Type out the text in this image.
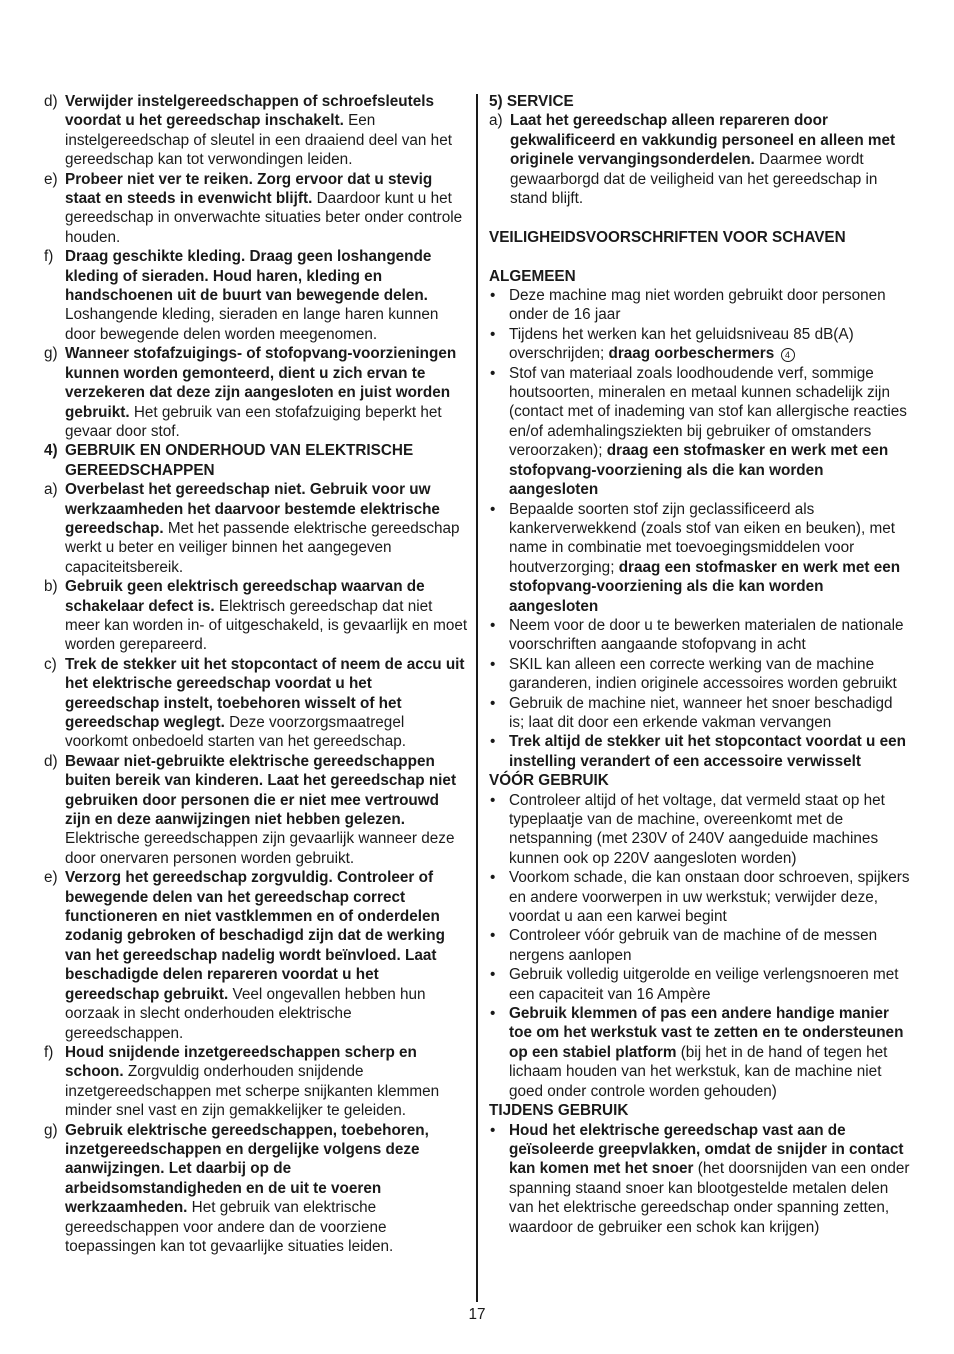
d) Verwijder instelgereedschappen of schroefsleutels voordat u het gereedschap inschakelt. Een instelgereedschap of sleutel in een draaiend deel van het gereedschap kan tot verwondingen leiden.
e) Probeer niet ver te reiken. Zorg ervoor dat u stevig staat en steeds in evenwicht blijft. Daardoor kunt u het gereedschap in onverwachte situaties beter onder controle houden.
f) Draag geschikte kleding. Draag geen loshangende kleding of sieraden. Houd haren, kleding en handschoenen uit de buurt van bewegende delen. Loshangende kleding, sieraden en lange haren kunnen door bewegende delen worden meegenomen.
g) Wanneer stofafzuigings- of stofopvang-voorzieningen kunnen worden gemonteerd, dient u zich ervan te verzekeren dat deze zijn aangesloten en juist worden gebruikt. Het gebruik van een stofafzuiging beperkt het gevaar door stof.
4) GEBRUIK EN ONDERHOUD VAN ELEKTRISCHE GEREEDSCHAPPEN
a) Overbelast het gereedschap niet. Gebruik voor uw werkzaamheden het daarvoor bestemde elektrische gereedschap. Met het passende elektrische gereedschap werkt u beter en veiliger binnen het aangegeven capaciteitsbereik.
b) Gebruik geen elektrisch gereedschap waarvan de schakelaar defect is. Elektrisch gereedschap dat niet meer kan worden in- of uitgeschakeld, is gevaarlijk en moet worden gerepareerd.
c) Trek de stekker uit het stopcontact of neem de accu uit het elektrische gereedschap voordat u het gereedschap instelt, toebehoren wisselt of het gereedschap weglegt. Deze voorzorgsmaatregel voorkomt onbedoeld starten van het gereedschap.
d) Bewaar niet-gebruikte elektrische gereedschappen buiten bereik van kinderen. Laat het gereedschap niet gebruiken door personen die er niet mee vertrouwd zijn en deze aanwijzingen niet hebben gelezen. Elektrische gereedschappen zijn gevaarlijk wanneer deze door onervaren personen worden gebruikt.
e) Verzorg het gereedschap zorgvuldig. Controleer of bewegende delen van het gereedschap correct functioneren en niet vastklemmen en of onderdelen zodanig gebroken of beschadigd zijn dat de werking van het gereedschap nadelig wordt beïnvloed. Laat beschadigde delen repareren voordat u het gereedschap gebruikt. Veel ongevallen hebben hun oorzaak in slecht onderhouden elektrische gereedschappen.
f) Houd snijdende inzetgereedschappen scherp en schoon. Zorgvuldig onderhouden snijdende inzetgereedschappen met scherpe snijkanten klemmen minder snel vast en zijn gemakkelijker te geleiden.
g) Gebruik elektrische gereedschappen, toebehoren, inzetgereedschappen en dergelijke volgens deze aanwijzingen. Let daarbij op de arbeidsomstandigheden en de uit te voeren werkzaamheden. Het gebruik van elektrische gereedschappen voor andere dan de voorziene toepassingen kan tot gevaarlijke situaties leiden.
5) SERVICE
a) Laat het gereedschap alleen repareren door gekwalificeerd en vakkundig personeel en alleen met originele vervangingsonderdelen. Daarmee wordt gewaarborgd dat de veiligheid van het gereedschap in stand blijft.
VEILIGHEIDSVOORSCHRIFTEN VOOR SCHAVEN
ALGEMEEN
• Deze machine mag niet worden gebruikt door personen onder de 16 jaar
• Tijdens het werken kan het geluidsniveau 85 dB(A) overschrijden; draag oorbeschermers 4
• Stof van materiaal zoals loodhoudende verf, sommige houtsoorten, mineralen en metaal kunnen schadelijk zijn (contact met of inademing van stof kan allergische reacties en/of ademhalingsziekten bij gebruiker of omstanders veroorzaken); draag een stofmasker en werk met een stofopvang-voorziening als die kan worden aangesloten
• Bepaalde soorten stof zijn geclassificeerd als kankerverwekkend (zoals stof van eiken en beuken), met name in combinatie met toevoegingsmiddelen voor houtverzorging; draag een stofmasker en werk met een stofopvang-voorziening als die kan worden aangesloten
• Neem voor de door u te bewerken materialen de nationale voorschriften aangaande stofopvang in acht
• SKIL kan alleen een correcte werking van de machine garanderen, indien originele accessoires worden gebruikt
• Gebruik de machine niet, wanneer het snoer beschadigd is; laat dit door een erkende vakman vervangen
• Trek altijd de stekker uit het stopcontact voordat u een instelling verandert of een accessoire verwisselt
VÓÓR GEBRUIK
• Controleer altijd of het voltage, dat vermeld staat op het typeplaatje van de machine, overeenkomt met de netspanning (met 230V of 240V aangeduide machines kunnen ook op 220V aangesloten worden)
• Voorkom schade, die kan onstaan door schroeven, spijkers en andere voorwerpen in uw werkstuk; verwijder deze, voordat u aan een karwei begint
• Controleer vóór gebruik van de machine of de messen nergens aanlopen
• Gebruik volledig uitgerolde en veilige verlengsnoeren met een capaciteit van 16 Ampère
• Gebruik klemmen of pas een andere handige manier toe om het werkstuk vast te zetten en te ondersteunen op een stabiel platform (bij het in de hand of tegen het lichaam houden van het werkstuk, kan de machine niet goed onder controle worden gehouden)
TIJDENS GEBRUIK
• Houd het elektrische gereedschap vast aan de geïsoleerde greepvlakken, omdat de snijder in contact kan komen met het snoer (het doorsnijden van een onder spanning staand snoer kan blootgestelde metalen delen van het elektrische gereedschap onder spanning zetten, waardoor de gebruiker een schok kan krijgen)
17
